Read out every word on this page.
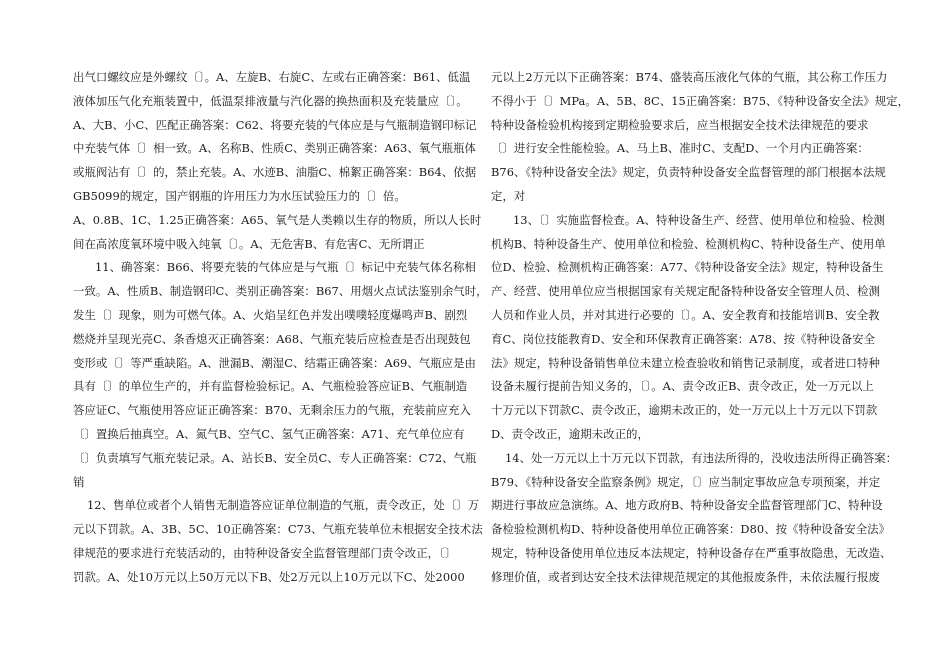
出气口螺纹应是外螺纹〔〕。A、左旋B、右旋C、左或右正确答案：B61、低温
液体加压气化充瓶装置中，低温泵排液量与汽化器的换热面积及充装量应〔〕。
A、大B、小C、匹配正确答案：C62、将要充装的气体应是与气瓶制造钢印标记
中充装气体〔〕相一致。A、名称B、性质C、类别正确答案：A63、氧气瓶瓶体
或瓶阀沾有〔〕的，禁止充装。A、水迹B、油脂C、棉絮正确答案：B64、依据
GB5099的规定，国产钢瓶的许用压力为水压试验压力的〔〕倍。
A、0.8B、1C、1.25正确答案：A65、氧气是人类赖以生存的物质，所以人长时
间在高浓度氧环境中吸入纯氧〔〕。A、无危害B、有危害C、无所谓正
11、确答案：B66、将要充装的气体应是与气瓶〔〕标记中充装气体名称相
一致。A、性质B、制造钢印C、类别正确答案：B67、用烟火点试法鉴别余气时，
发生〔〕现象，则为可燃气体。A、火焰呈红色并发出噗噗轻度爆鸣声B、剧烈
燃烧并呈现光亮C、条香熄灭正确答案：A68、气瓶充装后应检查是否出现鼓包
变形或〔〕等严重缺陷。A、泄漏B、潮湿C、结霜正确答案：A69、气瓶应是由
具有〔〕的单位生产的，并有监督检验标记。A、气瓶检验答应证B、气瓶制造
答应证C、气瓶使用答应证正确答案：B70、无剩余压力的气瓶，充装前应充入
〔〕置换后抽真空。A、氮气B、空气C、氢气正确答案：A71、充气单位应有
〔〕负责填写气瓶充装记录。A、站长B、安全员C、专人正确答案：C72、气瓶
销
12、售单位或者个人销售无制造答应证单位制造的气瓶，责令改正，处〔〕万
元以下罚款。A、3B、5C、10正确答案：C73、气瓶充装单位未根据安全技术法
律规范的要求进行充装活动的，由特种设备安全监督管理部门责令改正，〔〕
罚款。A、处10万元以上50万元以下B、处2万元以上10万元以下C、处2000
元以上2万元以下正确答案：B74、盛装高压液化气体的气瓶，其公称工作压力
不得小于〔〕MPa。A、5B、8C、15正确答案：B75、《特种设备安全法》规定，
特种设备检验机构接到定期检验要求后，应当根据安全技术法律规范的要求
〔〕进行安全性能检验。A、马上B、准时C、支配D、一个月内正确答案：
B76、《特种设备安全法》规定，负责特种设备安全监督管理的部门根据本法规
定，对
13、〔〕实施监督检查。A、特种设备生产、经营、使用单位和检验、检测
机构B、特种设备生产、使用单位和检验、检测机构C、特种设备生产、使用单
位D、检验、检测机构正确答案：A77、《特种设备安全法》规定，特种设备生
产、经营、使用单位应当根据国家有关规定配备特种设备安全管理人员、检测
人员和作业人员，并对其进行必要的〔〕。A、安全教育和技能培训B、安全教
育C、岗位技能教育D、安全和环保教育正确答案：A78、按《特种设备安全
法》规定，特种设备销售单位未建立检查验收和销售记录制度，或者进口特种
设备未履行提前告知义务的，〔〕。A、责令改正B、责令改正，处一万元以上
十万元以下罚款C、责令改正，逾期未改正的，处一万元以上十万元以下罚款
D、责令改正，逾期未改正的，
14、处一万元以上十万元以下罚款，有违法所得的，没收违法所得正确答案：
B79、《特种设备安全监察条例》规定，〔〕应当制定事故应急专项预案，并定
期进行事故应急演练。A、地方政府B、特种设备安全监督管理部门C、特种设
备检验检测机构D、特种设备使用单位正确答案：D80、按《特种设备安全法》
规定，特种设备使用单位违反本法规定，特种设备存在严重事故隐患，无改造、
修理价值，或者到达安全技术法律规范规定的其他报废条件，未依法履行报废
